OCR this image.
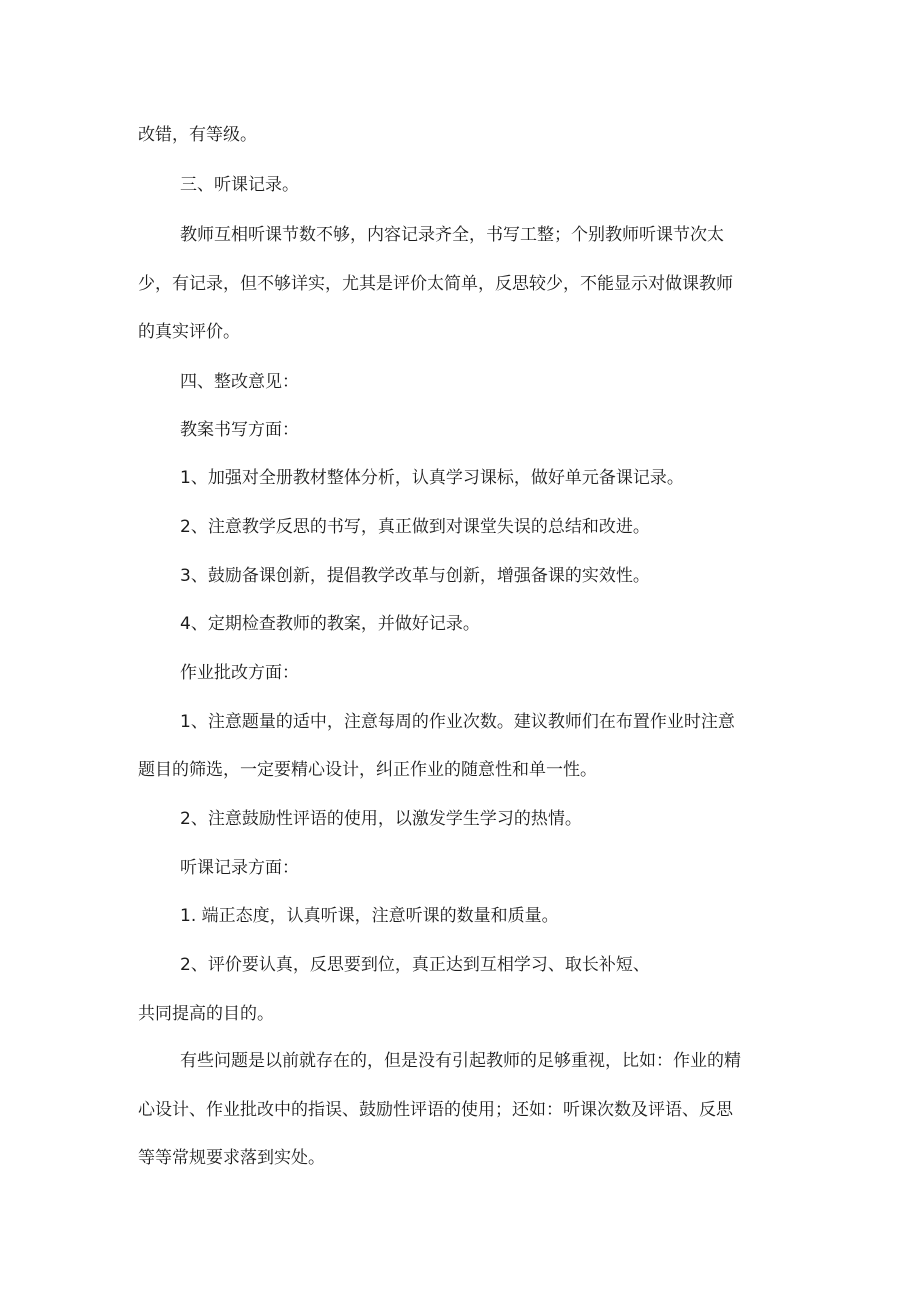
改错，有等级。
三、听课记录。
教师互相听课节数不够，内容记录齐全，书写工整；个别教师听课节次太
少，有记录，但不够详实，尤其是评价太简单，反思较少，不能显示对做课教师
的真实评价。
四、整改意见：
教案书写方面：
1、加强对全册教材整体分析，认真学习课标，做好单元备课记录。
2、注意教学反思的书写，真正做到对课堂失误的总结和改进。
3、鼓励备课创新，提倡教学改革与创新，增强备课的实效性。
4、定期检查教师的教案，并做好记录。
作业批改方面：
1、注意题量的适中，注意每周的作业次数。建议教师们在布置作业时注意
题目的筛选，一定要精心设计，纠正作业的随意性和单一性。
2、注意鼓励性评语的使用，以激发学生学习的热情。
听课记录方面：
1. 端正态度，认真听课，注意听课的数量和质量。
2、评价要认真，反思要到位，真正达到互相学习、取长补短、
共同提高的目的。
有些问题是以前就存在的，但是没有引起教师的足够重视，比如：作业的精
心设计、作业批改中的指误、鼓励性评语的使用；还如：听课次数及评语、反思
等等常规要求落到实处。
